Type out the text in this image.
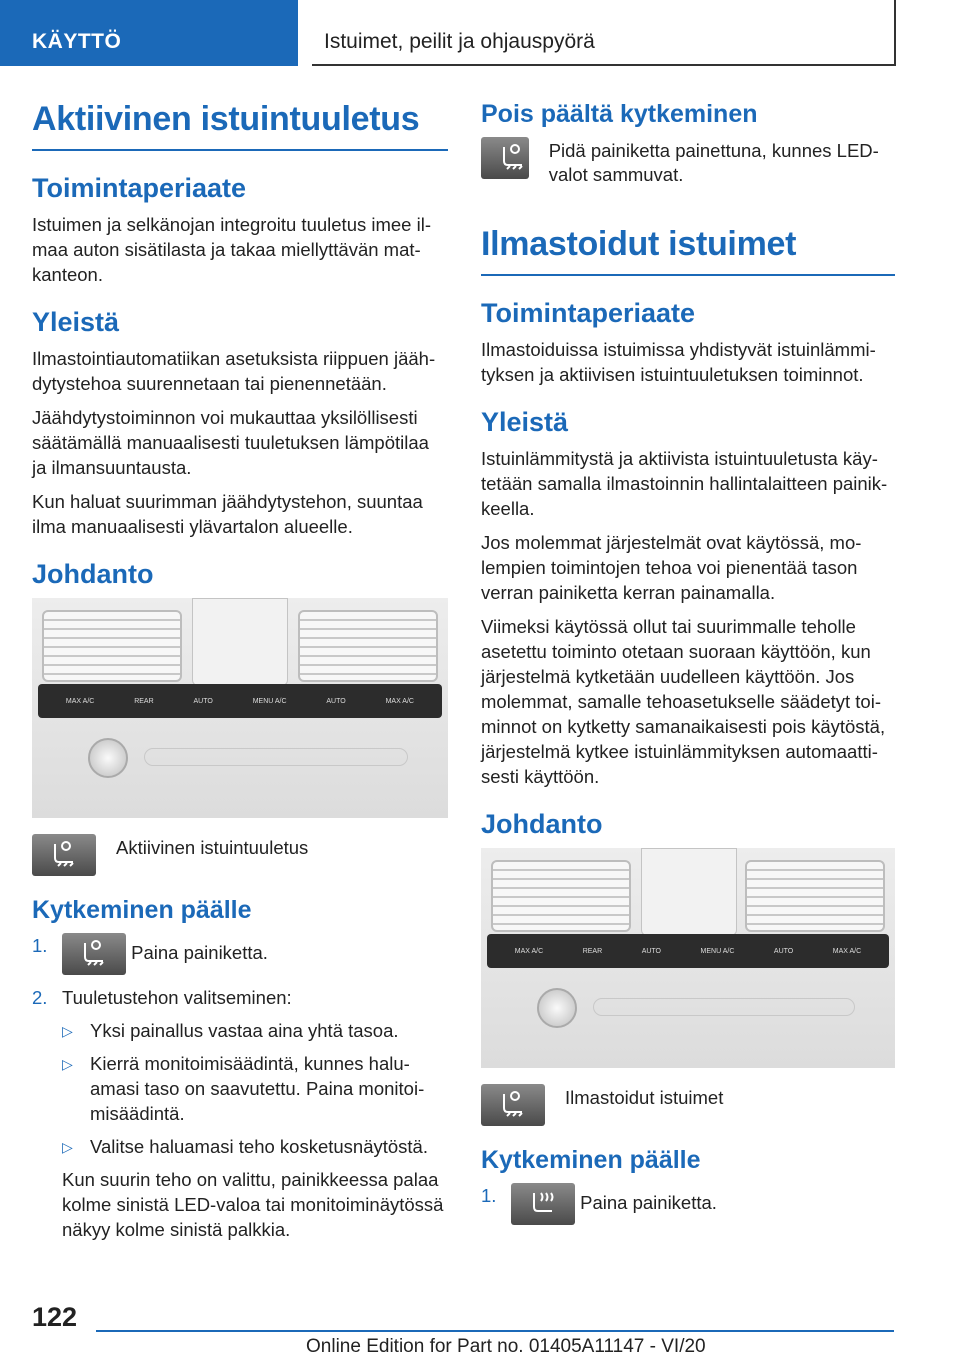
KÄYTTÖ	Istuimet, peilit ja ohjauspyörä
Aktiivinen istuintuuletus
Toimintaperiaate

Istuimen ja selkänojan integroitu tuuletus imee ilmaa auton sisätilasta ja takaa miellyttävän matkanteon.

Yleistä

Ilmastointiautomatiikan asetuksista riippuen jäähdytystehoa suurennetaan tai pienennetään.

Jäähdytystoiminnon voi mukauttaa yksilöllisesti säätämällä manuaalisesti tuuletuksen lämpötilaa ja ilmansuuntausta.

Kun haluat suurimman jäähdytystehon, suuntaa ilma manuaalisesti ylävartalon alueelle.

Johdanto
MAX A/C	REAR	AUTO	MENU A/C	AUTO	MAX A/C
Aktiivinen istuintuuletus
Kytkeminen päälle
1.	Paina painiketta.
2. Tuuletustehon valitseminen:
▷ Yksi painallus vastaa aina yhtä tasoa.
▷ Kierrä monitoimisäädintä, kunnes haluamasi taso on saavutettu. Paina monitoimisäädintä.
▷ Valitse haluamasi teho kosketusnäytöstä.

Kun suurin teho on valittu, painikkeessa palaa kolme sinistä LED-valoa tai monitoiminäytössä näkyy kolme sinistä palkkia.

Pois päältä kytkeminen
Pidä painiketta painettuna, kunnes LED-valot sammuvat.
Ilmastoidut istuimet
Toimintaperiaate

Ilmastoiduissa istuimissa yhdistyvät istuinlämmityksen ja aktiivisen istuintuuletuksen toiminnot.

Yleistä

Istuinlämmitystä ja aktiivista istuintuuletusta käytetään samalla ilmastoinnin hallintalaitteen painikkeella.

Jos molemmat järjestelmät ovat käytössä, molempien toimintojen tehoa voi pienentää tason verran painiketta kerran painamalla.

Viimeksi käytössä ollut tai suurimmalle teholle asetettu toiminto otetaan suoraan käyttöön, kun järjestelmä kytketään uudelleen käyttöön. Jos molemmat, samalle tehoasetukselle säädetyt toiminnot on kytketty samanaikaisesti pois käytöstä, järjestelmä kytkee istuinlämmityksen automaattisesti käyttöön.

Johdanto
MAX A/C	REAR	AUTO	MENU A/C	AUTO	MAX A/C
Ilmastoidut istuimet
Kytkeminen päälle
1.	Paina painiketta.
122
Online Edition for Part no. 01405A11147 - VI/20
